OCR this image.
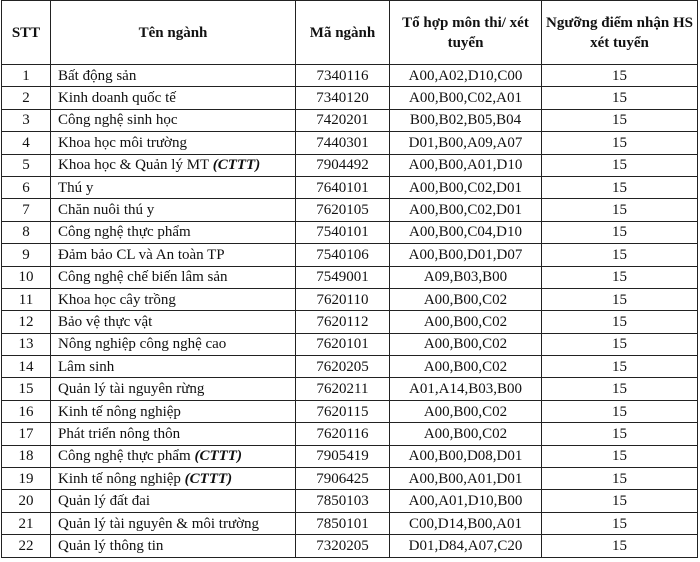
STT	Tên ngành	Mã ngành	Tổ hợp môn thi/ xét tuyển	Ngưỡng điểm nhận HS xét tuyển
1	Bất động sản	7340116	A00,A02,D10,C00	15
2	Kinh doanh quốc tế	7340120	A00,B00,C02,A01	15
3	Công nghệ sinh học	7420201	B00,B02,B05,B04	15
4	Khoa học môi trường	7440301	D01,B00,A09,A07	15
5	Khoa học & Quản lý MT (CTTT)	7904492	A00,B00,A01,D10	15
6	Thú y	7640101	A00,B00,C02,D01	15
7	Chăn nuôi thú y	7620105	A00,B00,C02,D01	15
8	Công nghệ thực phẩm	7540101	A00,B00,C04,D10	15
9	Đảm bảo CL và An toàn TP	7540106	A00,B00,D01,D07	15
10	Công nghệ chế biến lâm sản	7549001	A09,B03,B00	15
11	Khoa học cây trồng	7620110	A00,B00,C02	15
12	Bảo vệ thực vật	7620112	A00,B00,C02	15
13	Nông nghiệp công nghệ cao	7620101	A00,B00,C02	15
14	Lâm sinh	7620205	A00,B00,C02	15
15	Quản lý tài nguyên rừng	7620211	A01,A14,B03,B00	15
16	Kinh tế nông nghiệp	7620115	A00,B00,C02	15
17	Phát triển nông thôn	7620116	A00,B00,C02	15
18	Công nghệ thực phẩm (CTTT)	7905419	A00,B00,D08,D01	15
19	Kinh tế nông nghiệp (CTTT)	7906425	A00,B00,A01,D01	15
20	Quản lý đất đai	7850103	A00,A01,D10,B00	15
21	Quản lý tài nguyên & môi trường	7850101	C00,D14,B00,A01	15
22	Quản lý thông tin	7320205	D01,D84,A07,C20	15
